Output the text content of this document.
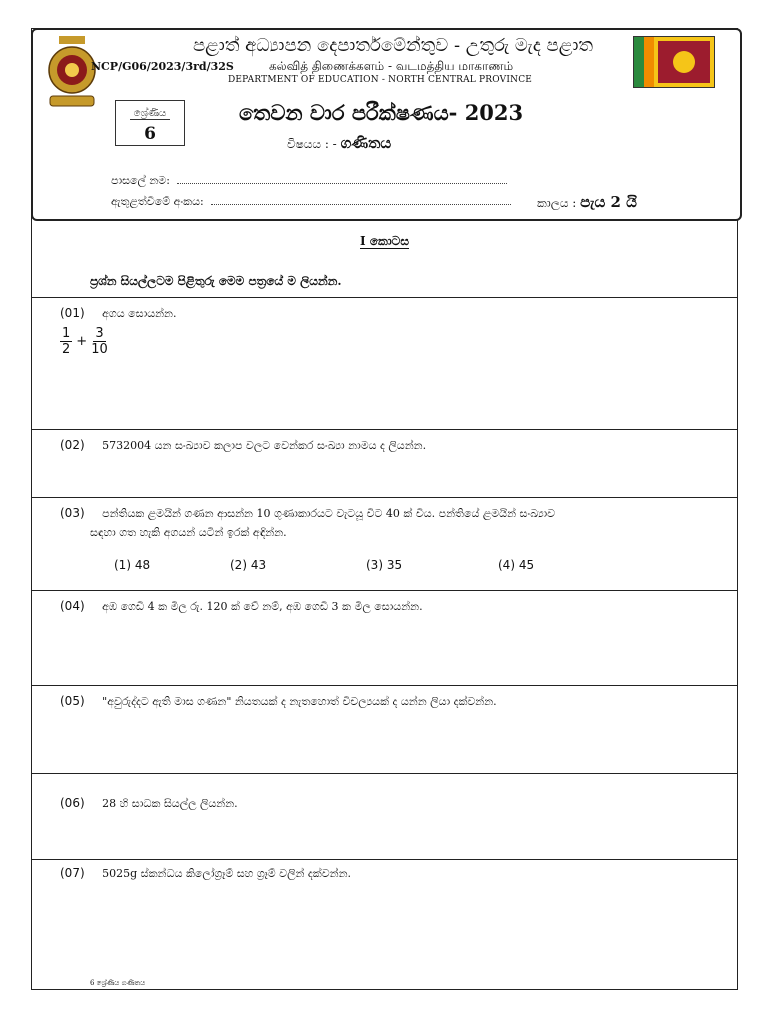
පළාත් අධ්‍යාපන දෙපාර්තමේන්තුව - උතුරු මැද පළාත
NCP/G06/2023/3rd/32S	கல்வித் திணைக்களம் - வடமத்திய மாகாணம்
DEPARTMENT OF EDUCATION - NORTH CENTRAL PROVINCE
ශ්‍රේණිය
6
තෙවන වාර පරීක්ෂණය- 2023
විෂයය : - ගණිතය
පාසලේ නම:
ඇතුළත්වීමේ අංකය:	කාලය : පැය 2 යි
I කොටස
ප්‍රශ්න සියල්ලටම පිළිතුරු මෙම පත්‍රයේ ම ලියන්න.
(01) අගය සොයන්න.
1
2
+ $\frac{3}{10}$
(02) 5732004 යන සංඛ්‍යාව කලාප වලට වෙන්කර සංඛ්‍යා නාමය ද ලියන්න.
(03) පන්තියක ළමයින් ගණන ආසන්න 10 ගුණාකාරයට වැටයූ විට 40 ක් විය. පන්තියේ ළමයින් සංඛ්‍යාව
සඳහා ගත හැකි අගයන් යටින් ඉරක් අඳින්න.
(1) 48	(2) 43	(3) 35	(4) 45
(04) අඹ ගෙඩි 4 ක මිල රු. 120 ක් වේ නම්, අඹ ගෙඩි 3 ක මිල සොයන්න.
(05) "අවුරුද්දට ඇති මාස ගණන" නියතයක් ද නැතහොත් විචල්‍යයක් ද යන්න ලියා දක්වන්න.
(06) 28 හි සාධක සියල්ල ලියන්න.
(07) 5025g ස්කන්ධය කිලෝග්‍රෑම් සහ ග්‍රෑම් වලින් දක්වන්න.
6 ශ්‍රේණිය ගණිතය
